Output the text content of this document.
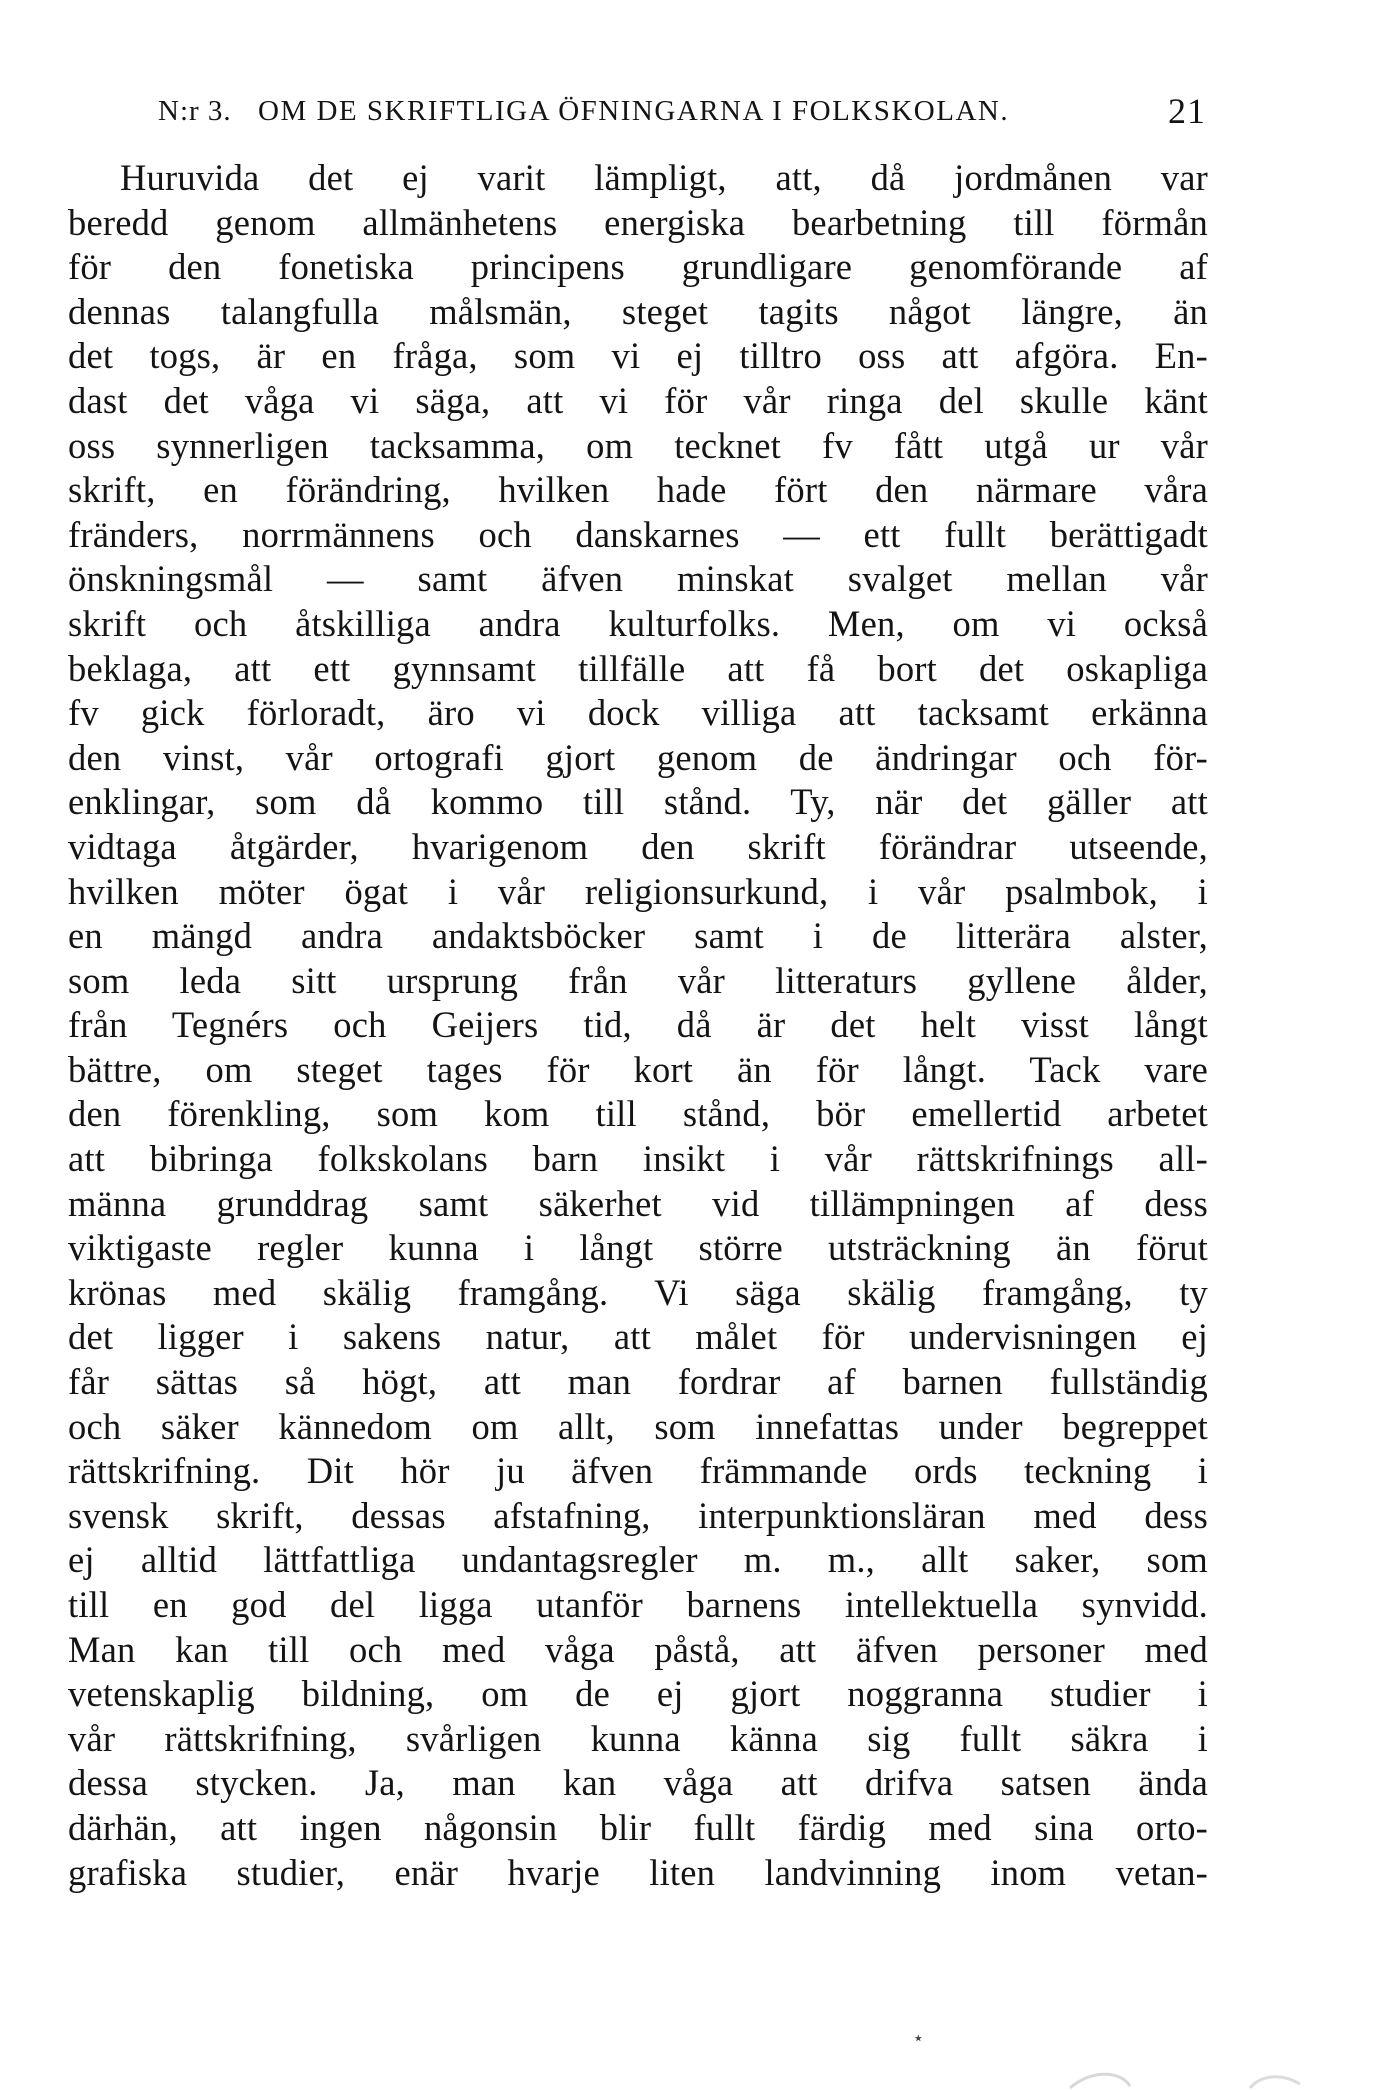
N:r 3. OM DE SKRIFTLIGA ÖFNINGARNA I FOLKSKOLAN.	21
Huruvida det ej varit lämpligt, att, då jordmånen var
beredd genom allmänhetens energiska bearbetning till förmån
för den fonetiska principens grundligare genomförande af
dennas talangfulla målsmän, steget tagits något längre, än
det togs, är en fråga, som vi ej tilltro oss att afgöra. En-
dast det våga vi säga, att vi för vår ringa del skulle känt
oss synnerligen tacksamma, om tecknet fv fått utgå ur vår
skrift, en förändring, hvilken hade fört den närmare våra
fränders, norrmännens och danskarnes — ett fullt berättigadt
önskningsmål — samt äfven minskat svalget mellan vår
skrift och åtskilliga andra kulturfolks. Men, om vi också
beklaga, att ett gynnsamt tillfälle att få bort det oskapliga
fv gick förloradt, äro vi dock villiga att tacksamt erkänna
den vinst, vår ortografi gjort genom de ändringar och för-
enklingar, som då kommo till stånd. Ty, när det gäller att
vidtaga åtgärder, hvarigenom den skrift förändrar utseende,
hvilken möter ögat i vår religionsurkund, i vår psalmbok, i
en mängd andra andaktsböcker samt i de litterära alster,
som leda sitt ursprung från vår litteraturs gyllene ålder,
från Tegnérs och Geijers tid, då är det helt visst långt
bättre, om steget tages för kort än för långt. Tack vare
den förenkling, som kom till stånd, bör emellertid arbetet
att bibringa folkskolans barn insikt i vår rättskrifnings all-
männa grunddrag samt säkerhet vid tillämpningen af dess
viktigaste regler kunna i långt större utsträckning än förut
krönas med skälig framgång. Vi säga skälig framgång, ty
det ligger i sakens natur, att målet för undervisningen ej
får sättas så högt, att man fordrar af barnen fullständig
och säker kännedom om allt, som innefattas under begreppet
rättskrifning. Dit hör ju äfven främmande ords teckning i
svensk skrift, dessas afstafning, interpunktionsläran med dess
ej alltid lättfattliga undantagsregler m. m., allt saker, som
till en god del ligga utanför barnens intellektuella synvidd.
Man kan till och med våga påstå, att äfven personer med
vetenskaplig bildning, om de ej gjort noggranna studier i
vår rättskrifning, svårligen kunna känna sig fullt säkra i
dessa stycken. Ja, man kan våga att drifva satsen ända
därhän, att ingen någonsin blir fullt färdig med sina orto-
grafiska studier, enär hvarje liten landvinning inom vetan-
٭
